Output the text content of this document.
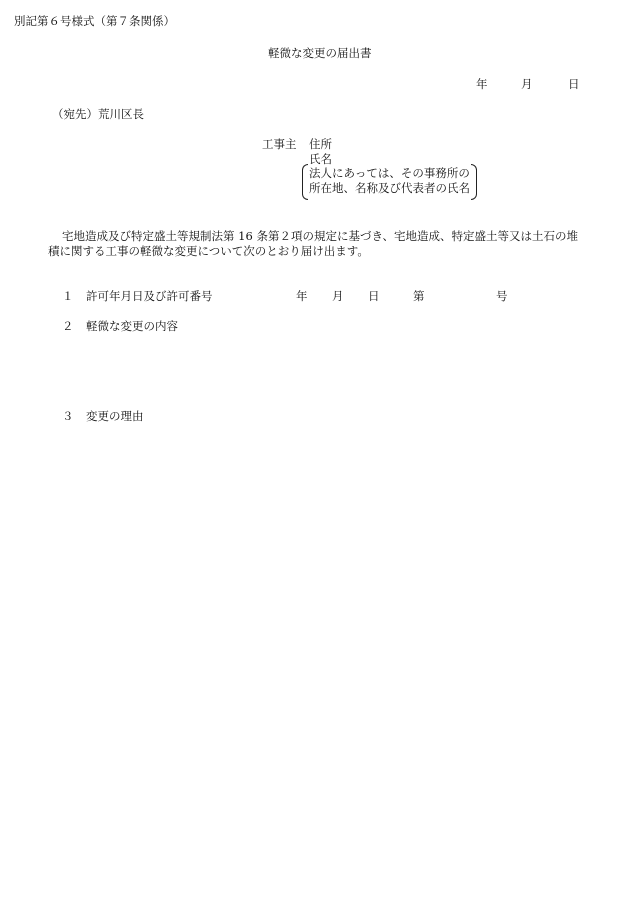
別記第６号様式（第７条関係）
軽微な変更の届出書
年	月	日
（宛先）荒川区長
工事主 住所
氏名
法人にあっては、その事務所の
所在地、名称及び代表者の氏名
宅地造成及び特定盛土等規制法第 16 条第２項の規定に基づき、宅地造成、特定盛土等又は土石の堆
積に関する工事の軽微な変更について次のとおり届け出ます。
１ 許可年月日及び許可番号	年 月 日	第	号
２ 軽微な変更の内容
３ 変更の理由
